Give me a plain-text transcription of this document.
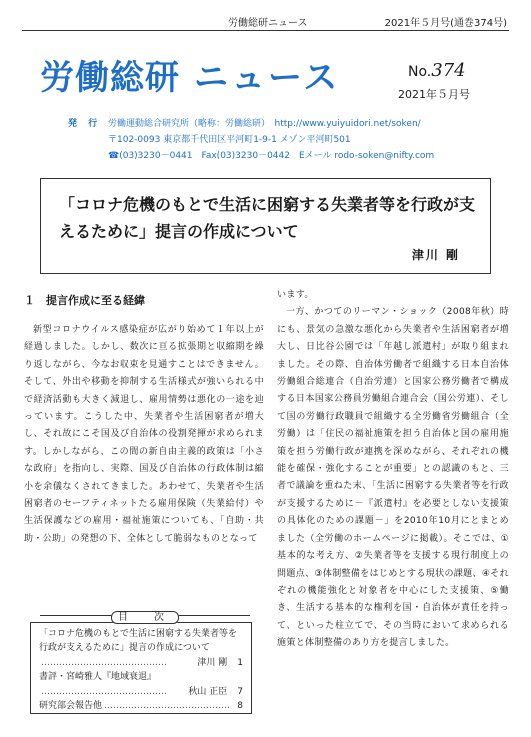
労働総研ニュース	2021年５月号(通巻374号)
労働総研 ニュース	No.374
2021年５月号
発 行 労働運動総合研究所（略称：労働総研）　http://www.yuiyuidori.net/soken/
〒102-0093 東京都千代田区平河町1-9-1 メゾン平河町501
☎(03)3230－0441　Fax(03)3230－0442　Eメール rodo-soken@nifty.com
「コロナ危機のもとで生活に困窮する失業者等を行政が支えるために」提言の作成について
津川 剛
１　提言作成に至る経緯

新型コロナウイルス感染症が広がり始めて１年以上が経過しました。しかし、数次に亘る拡張期と収縮期を繰り返しながら、今なお収束を見通すことはできません。そして、外出や移動を抑制する生活様式が強いられる中で経済活動も大きく減退し、雇用情勢は悪化の一途を辿っています。こうした中、失業者や生活困窮者が増大し、それ故にこそ国及び自治体の役割発揮が求められます。しかしながら、この間の新自由主義的政策は「小さな政府」を指向し、実際、国及び自治体の行政体制は縮小を余儀なくされてきました。あわせて、失業者や生活困窮者のセーフティネットたる雇用保険（失業給付）や生活保護などの雇用・福祉施策についても、「自助・共助・公助」の発想の下、全体として脆弱なものとなって

います。

一方、かつてのリーマン・ショック（2008年秋）時にも、景気の急激な悪化から失業者や生活困窮者が増大し、日比谷公園では「年越し派遣村」が取り組まれました。その際、自治体労働者で組織する日本自治体労働組合総連合（自治労連）と国家公務労働者で構成する日本国家公務員労働組合連合会（国公労連）、そして国の労働行政職員で組織する全労働省労働組合（全労働）は「住民の福祉施策を担う自治体と国の雇用施策を担う労働行政が連携を深めながら、それぞれの機能を確保・強化することが重要」との認識のもと、三者で議論を重ねた末、「生活に困窮する失業者等を行政が支援するために－『派遣村』を必要としない支援策の具体化のための課題－」を2010年10月にとまとめました（全労働のホームページに掲載）。そこでは、①基本的な考え方、②失業者等を支援する現行制度上の問題点、③体制整備をはじめとする現状の課題、④それぞれの機能強化と対象者を中心にした支援策、⑤働き、生活する基本的な権利を国・自治体が責任を持って、といった柱立てで、その当時において求められる施策と体制整備のあり方を提言しました。

目　次
「コロナ危機のもとで生活に困窮する失業者等を行政が支えるために」提言の作成について
……………………………………	津川 剛 1
書評・宮崎雅人『地域衰退』
……………………………………	秋山 正臣 7
研究部会報告他 …………………………………… 8
